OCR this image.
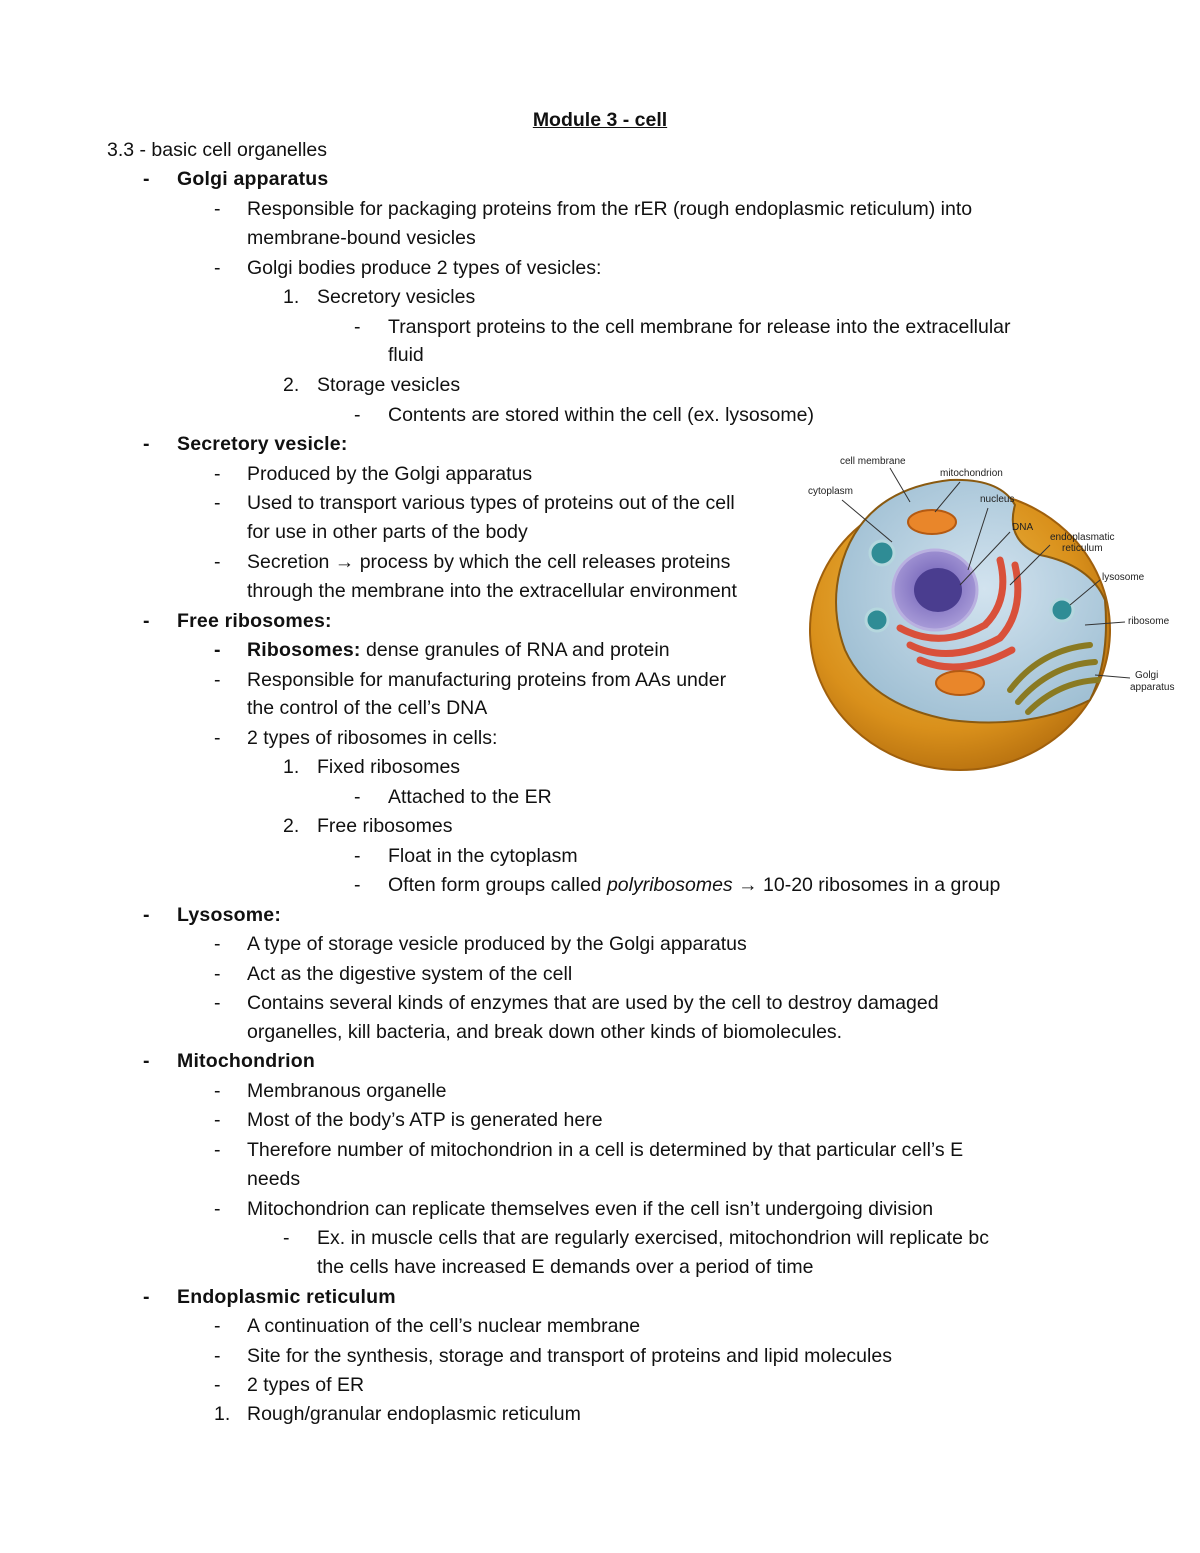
Module 3 - cell
3.3 - basic cell organelles
- Golgi apparatus
- Responsible for packaging proteins from the rER (rough endoplasmic reticulum) into
membrane-bound vesicles
- Golgi bodies produce 2 types of vesicles:
1. Secretory vesicles
- Transport proteins to the cell membrane for release into the extracellular
fluid
2. Storage vesicles
- Contents are stored within the cell (ex. lysosome)
- Secretory vesicle:
- Produced by the Golgi apparatus
- Used to transport various types of proteins out of the cell
for use in other parts of the body
- Secretion → process by which the cell releases proteins
through the membrane into the extracellular environment
- Free ribosomes:
- Ribosomes: dense granules of RNA and protein
- Responsible for manufacturing proteins from AAs under
the control of the cell’s DNA
- 2 types of ribosomes in cells:
1. Fixed ribosomes
- Attached to the ER
2. Free ribosomes
- Float in the cytoplasm
- Often form groups called polyribosomes → 10-20 ribosomes in a group
- Lysosome:
- A type of storage vesicle produced by the Golgi apparatus
- Act as the digestive system of the cell
- Contains several kinds of enzymes that are used by the cell to destroy damaged
organelles, kill bacteria, and break down other kinds of biomolecules.
- Mitochondrion
- Membranous organelle
- Most of the body’s ATP is generated here
- Therefore number of mitochondrion in a cell is determined by that particular cell’s E
needs
- Mitochondrion can replicate themselves even if the cell isn’t undergoing division
- Ex. in muscle cells that are regularly exercised, mitochondrion will replicate bc
the cells have increased E demands over a period of time
- Endoplasmic reticulum
- A continuation of the cell’s nuclear membrane
- Site for the synthesis, storage and transport of proteins and lipid molecules
- 2 types of ER
1. Rough/granular endoplasmic reticulum
cell membrane
cytoplasm
mitochondrion
nucleus
DNA
endoplasmatic
reticulum
lysosome
ribosome
Golgi
apparatus
